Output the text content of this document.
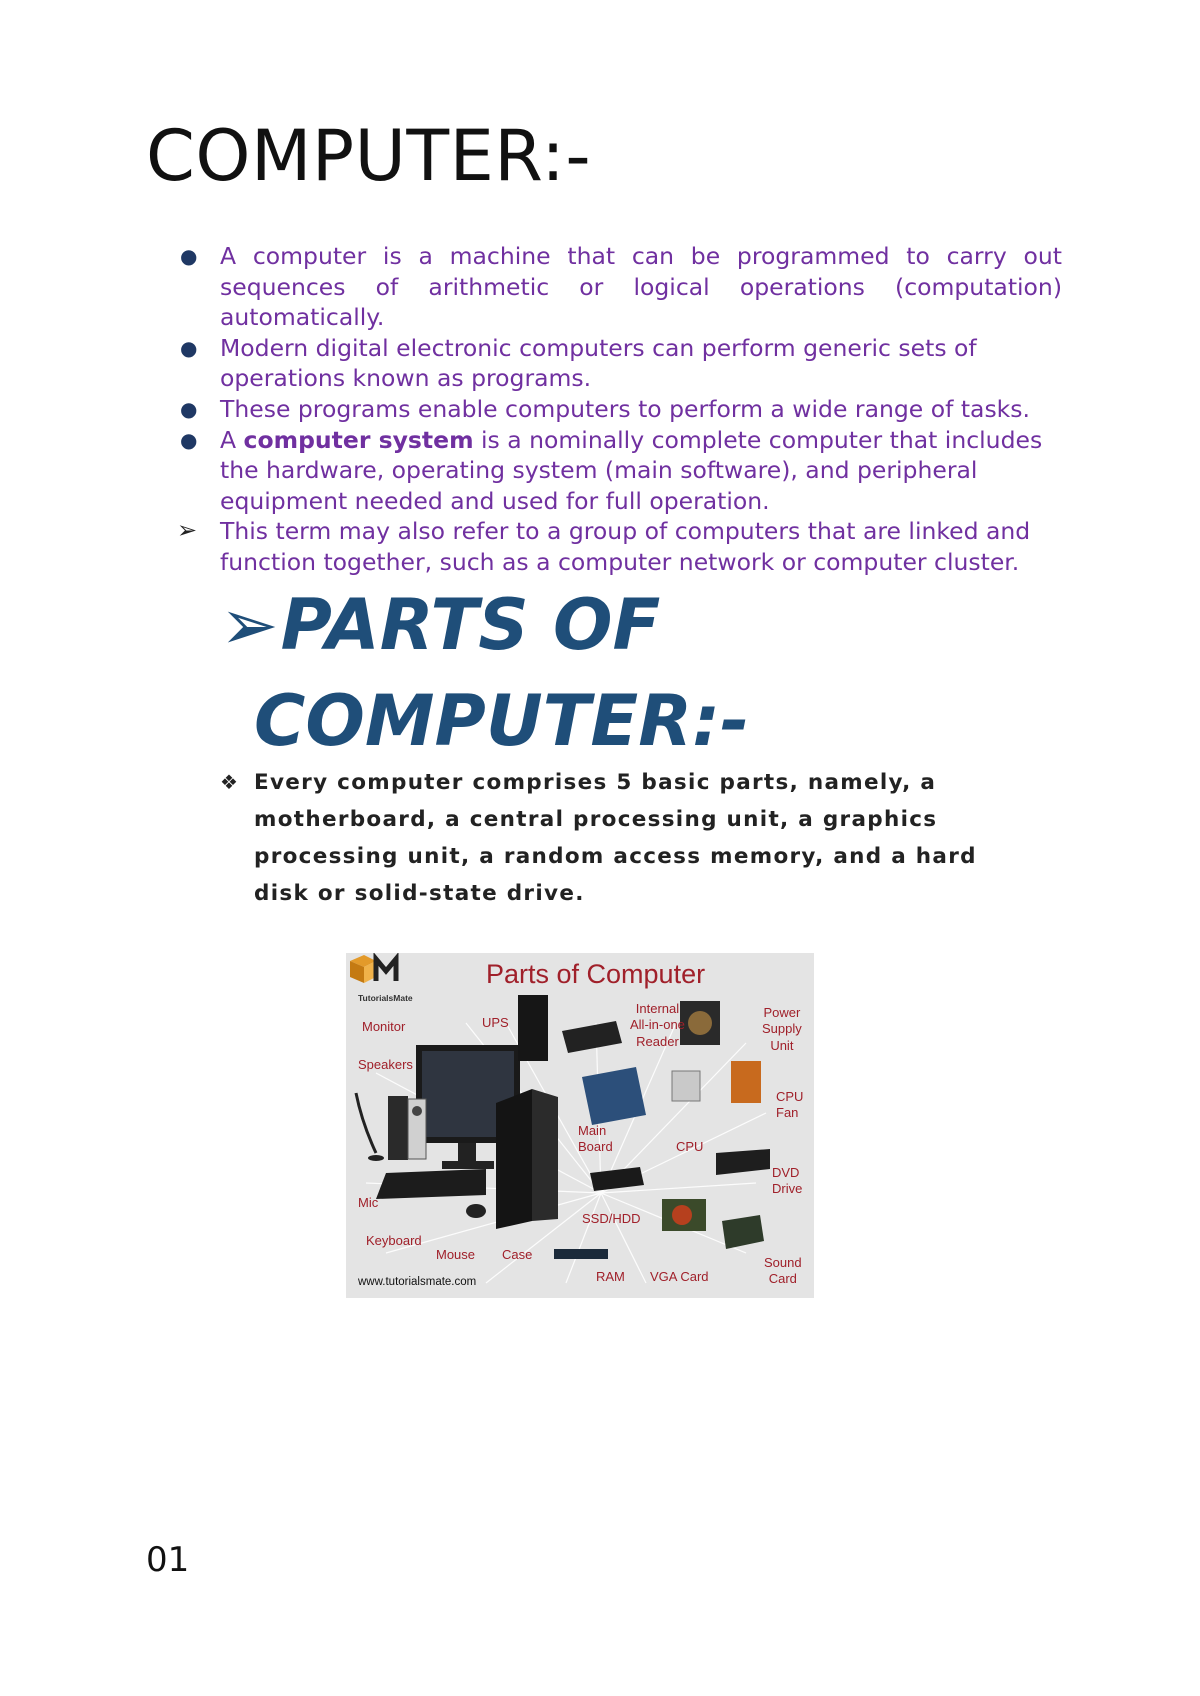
COMPUTER:-
● A computer is a machine that can be programmed to carry out sequences of arithmetic or logical operations (computation) automatically.
● Modern digital electronic computers can perform generic sets of operations known as programs.
● These programs enable computers to perform a wide range of tasks.
● A computer system is a nominally complete computer that includes the hardware, operating system (main software), and peripheral equipment needed and used for full operation.
➢ This term may also refer to a group of computers that are linked and function together, such as a computer network or computer cluster.
➢PARTS OF
COMPUTER:-
❖ Every computer comprises 5 basic parts, namely, a motherboard, a central processing unit, a graphics processing unit, a random access memory, and a hard disk or solid-state drive.
TutorialsMate
Parts of Computer
Monitor
Speakers
Mic
Keyboard
Mouse Case
UPS
Internal
All-in-one
Reader
Power
Supply
Unit
Main
Board	CPU
CPU
Fan
DVD
Drive
SSD/HDD
RAM VGA Card
Sound
Card
www.tutorialsmate.com
01
